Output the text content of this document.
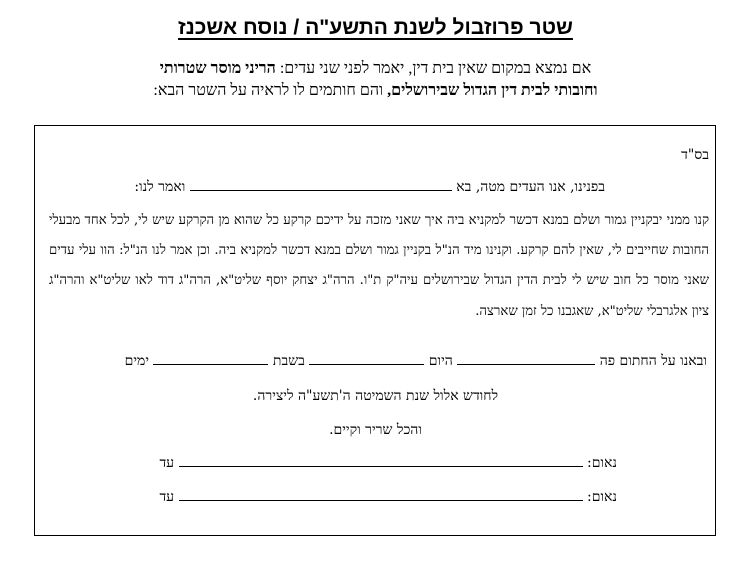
שטר פרוזבול לשנת התשע"ה / נוסח אשכנז
אם נמצא במקום שאין בית דין, יאמר לפני שני עדים: הריני מוסר שטרותי
וחובותי לבית דין הגדול שבירושלים, והם חותמים לו לראיה על השטר הבא:
בס"ד
בפנינו, אנו העדים מטה, בא  ואמר לנו:
קנו ממני יבקניין גמור ושלם במנא דכשר למקניא ביה איך שאני מזכה על ידיכם קרקע כל שהוא מן הקרקע שיש לי, לכל אחד מבעלי החובות שחייבים לי, שאין להם קרקע. וקנינו מיד הנ"ל בקניין גמור ושלם במנא דכשר למקניא ביה. וכן אמר לנו הנ"ל: הוו עלי עדים שאני מוסר כל חוב שיש לי לבית הדין הגדול שבירושלים עיה"ק ת"ו. הרה"ג יצחק יוסף שליט"א, הרה"ג דוד לאו שליט"א והרה"ג ציון אלגרבלי שליט"א, שאגבנו כל זמן שארצה.
ובאנו על החתום פה  היום  בשבת  ימים
לחודש אלול שנת השמיטה ה'תשע"ה ליצירה.
והכל שריר וקיים.
נאום:  עד
נאום:  עד
